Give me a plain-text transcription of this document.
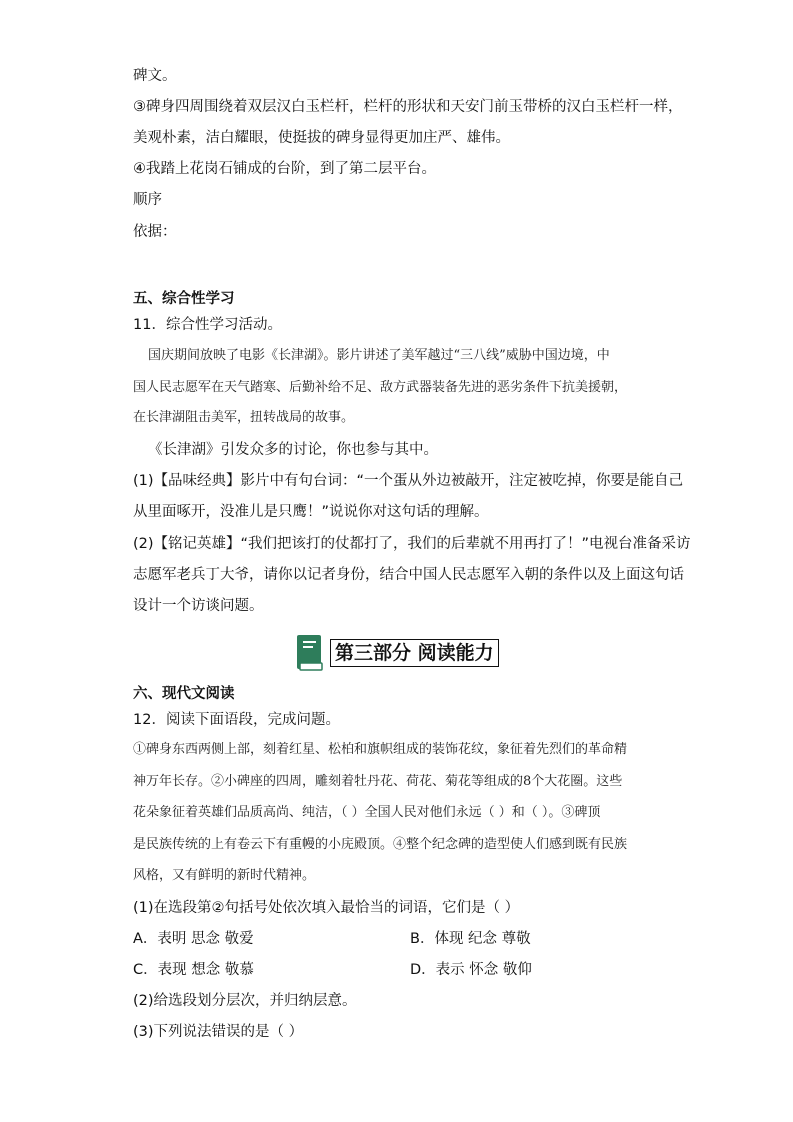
碑文。
③碑身四周围绕着双层汉白玉栏杆，栏杆的形状和天安门前玉带桥的汉白玉栏杆一样，
美观朴素，洁白耀眼，使挺拔的碑身显得更加庄严、雄伟。
④我踏上花岗石铺成的台阶，到了第二层平台。
顺序
依据：
五、综合性学习
11．综合性学习活动。
国庆期间放映了电影《长津湖》。影片讲述了美军越过“三八线”威胁中国边境，中
国人民志愿军在天气踏寒、后勤补给不足、敌方武器装备先进的恶劣条件下抗美援朝，
在长津湖阻击美军，扭转战局的故事。
《长津湖》引发众多的讨论，你也参与其中。
(1)【品味经典】影片中有句台词：“一个蛋从外边被敲开，注定被吃掉，你要是能自己
从里面啄开，没准儿是只鹰！”说说你对这句话的理解。
(2)【铭记英雄】“我们把该打的仗都打了，我们的后辈就不用再打了！”电视台准备采访
志愿军老兵丁大爷，请你以记者身份，结合中国人民志愿军入朝的条件以及上面这句话
设计一个访谈问题。
第三部分 阅读能力
六、现代文阅读
12．阅读下面语段，完成问题。
①碑身东西两侧上部，刻着红星、松柏和旗帜组成的装饰花纹，象征着先烈们的革命精
神万年长存。②小碑座的四周，雕刻着牡丹花、荷花、菊花等组成的8个大花圈。这些
花朵象征着英雄们品质高尚、纯洁，（ ）全国人民对他们永远（ ）和（ ）。③碑顶
是民族传统的上有卷云下有重幔的小庑殿顶。④整个纪念碑的造型使人们感到既有民族
风格，又有鲜明的新时代精神。
(1)在选段第②句括号处依次填入最恰当的词语，它们是（ ）
A．表明 思念 敬爱	B．体现 纪念 尊敬
C．表现 想念 敬慕	D．表示 怀念 敬仰
(2)给选段划分层次，并归纳层意。
(3)下列说法错误的是（ ）
